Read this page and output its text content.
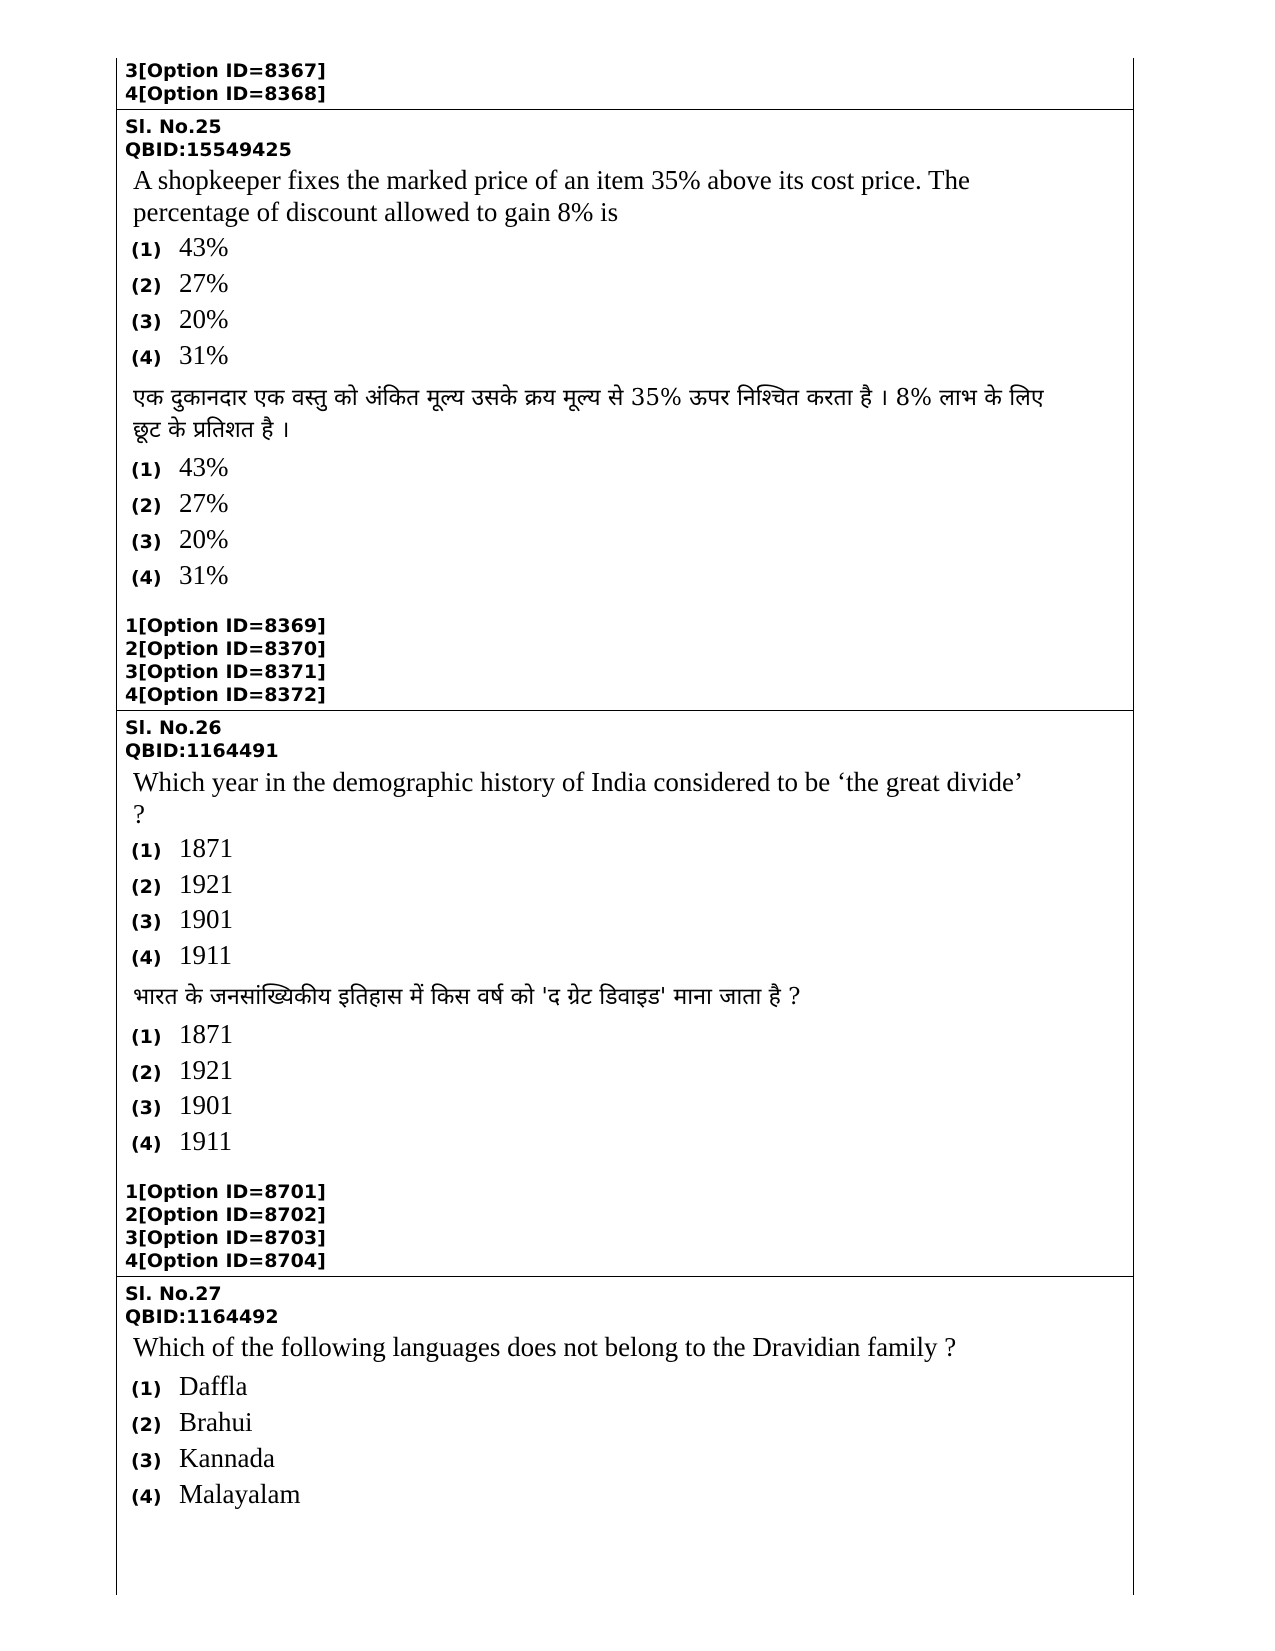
3[Option ID=8367]
4[Option ID=8368]
Sl. No.25
QBID:15549425
A shopkeeper fixes the marked price of an item 35% above its cost price. The percentage of discount allowed to gain 8% is
(1) 43%
(2) 27%
(3) 20%
(4) 31%
एक दुकानदार एक वस्तु को अंकित मूल्य उसके क्रय मूल्य से 35% ऊपर निश्चित करता है । 8% लाभ के लिए छूट के प्रतिशत है ।
(1) 43%
(2) 27%
(3) 20%
(4) 31%
1[Option ID=8369]
2[Option ID=8370]
3[Option ID=8371]
4[Option ID=8372]
Sl. No.26
QBID:1164491
Which year in the demographic history of India considered to be ‘the great divide’
?
(1) 1871
(2) 1921
(3) 1901
(4) 1911
भारत के जनसांख्यिकीय इतिहास में किस वर्ष को 'द ग्रेट डिवाइड' माना जाता है ?
(1) 1871
(2) 1921
(3) 1901
(4) 1911
1[Option ID=8701]
2[Option ID=8702]
3[Option ID=8703]
4[Option ID=8704]
Sl. No.27
QBID:1164492
Which of the following languages does not belong to the Dravidian family ?
(1) Daffla
(2) Brahui
(3) Kannada
(4) Malayalam
